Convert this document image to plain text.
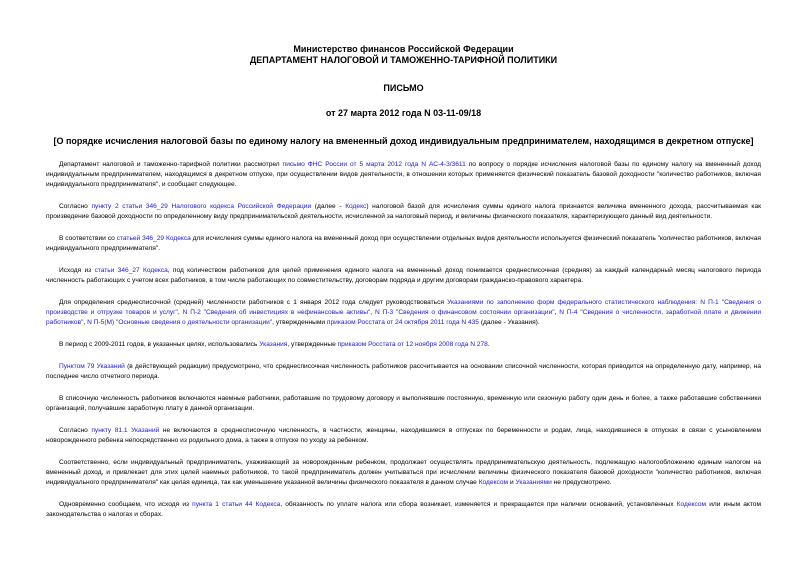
Министерство финансов Российской Федерации
ДЕПАРТАМЕНТ НАЛОГОВОЙ И ТАМОЖЕННО-ТАРИФНОЙ ПОЛИТИКИ
ПИСЬМО
от 27 марта 2012 года N 03-11-09/18
[О порядке исчисления налоговой базы по единому налогу на вмененный доход индивидуальным предпринимателем, находящимся в декретном отпуске]

Департамент налоговой и таможенно-тарифной политики рассмотрел письмо ФНС России от 5 марта 2012 года N АС-4-3/3611 по вопросу о порядке исчисления налоговой базы по единому налогу на вмененный доход индивидуальным предпринимателем, находящимся в декретном отпуске, при осуществлении видов деятельности, в отношении которых применяется физический показатель базовой доходности "количество работников, включая индивидуального предпринимателя", и сообщает следующее.

Согласно пункту 2 статьи 346_29 Налогового кодекса Российской Федерации (далее - Кодекс) налоговой базой для исчисления суммы единого налога признается величина вмененного дохода, рассчитываемая как произведение базовой доходности по определенному виду предпринимательской деятельности, исчисленной за налоговый период, и величины физического показателя, характеризующего данный вид деятельности.

В соответствии со статьей 346_29 Кодекса для исчисления суммы единого налога на вмененный доход при осуществлении отдельных видов деятельности используется физический показатель "количество работников, включая индивидуального предпринимателя".

Исходя из статьи 346_27 Кодекса, под количеством работников для целей применения единого налога на вмененный доход понимается среднесписочная (средняя) за каждый календарный месяц налогового периода численность работающих с учетом всех работников, в том числе работающих по совместительству, договорам подряда и другим договорам гражданско-правового характера.

Для определения среднесписочной (средней) численности работников с 1 января 2012 года следует руководствоваться Указаниями по заполнению форм федерального статистического наблюдения: N П-1 "Сведения о производстве и отгрузке товаров и услуг", N П-2 "Сведения об инвестициях в нефинансовые активы", N П-3 "Сведения о финансовом состоянии организации", N П-4 "Сведения о численности, заработной плате и движении работников", N П-5(М) "Основные сведения о деятельности организации", утвержденными приказом Росстата от 24 октября 2011 года N 435 (далее - Указания).

В период с 2009-2011 годов, в указанных целях, использовались Указания, утвержденные приказом Росстата от 12 ноября 2008 года N 278.

Пунктом 79 Указаний (в действующей редакции) предусмотрено, что среднесписочная численность работников рассчитывается на основании списочной численности, которая приводится на определенную дату, например, на последнее число отчетного периода.

В списочную численность работников включаются наемные работники, работавшие по трудовому договору и выполнявшие постоянную, временную или сезонную работу один день и более, а также работавшие собственники организаций, получавшие заработную плату в данной организации.

Согласно пункту 81.1 Указаний не включаются в среднесписочную численность, в частности, женщины, находившиеся в отпусках по беременности и родам, лица, находившиеся в отпусках в связи с усыновлением новорожденного ребенка непосредственно из родильного дома, а также в отпуске по уходу за ребенком.

Соответственно, если индивидуальный предприниматель, ухаживающий за новорожденным ребенком, продолжает осуществлять предпринимательскую деятельность, подлежащую налогообложению единым налогом на вмененный доход, и привлекает для этих целей наемных работников, то такой предприниматель должен учитываться при исчислении величины физического показателя базовой доходности "количество работников, включая индивидуального предпринимателя" как целая единица, так как уменьшение указанной величины физического показателя в данном случае Кодексом и Указаниями не предусмотрено.

Одновременно сообщаем, что исходя из пункта 1 статьи 44 Кодекса, обязанность по уплате налога или сбора возникает, изменяется и прекращается при наличии оснований, установленных Кодексом или иным актом законодательства о налогах и сборах.
